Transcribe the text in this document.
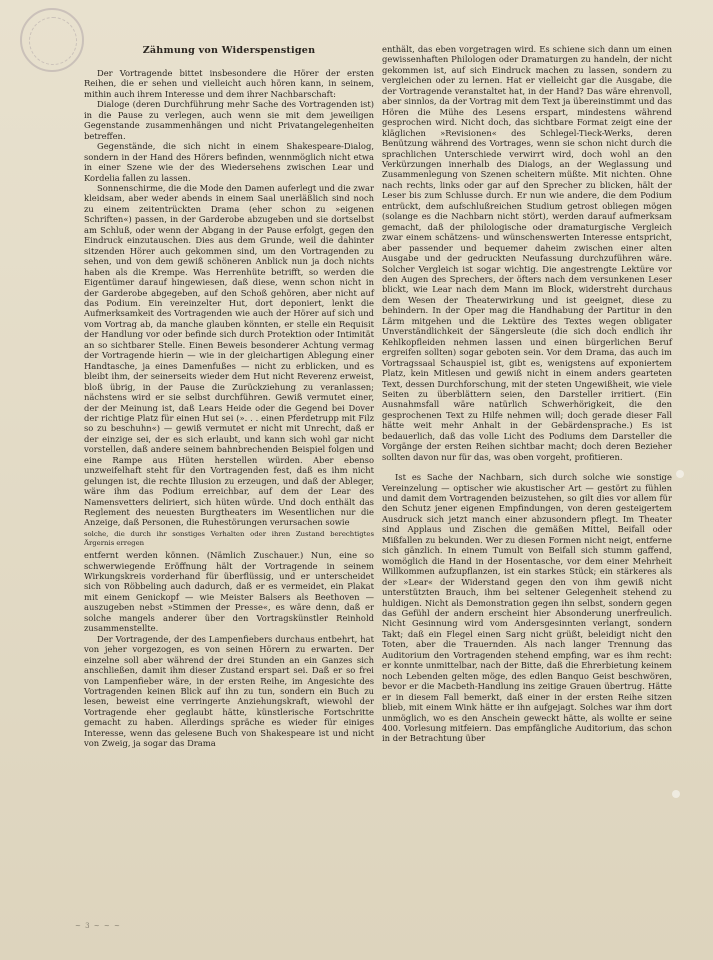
Zähmung von Widerspenstigen

Der Vortragende bittet insbesondere die Hörer der ersten Reihen, die er sehen und vielleicht auch hören kann, in seinem, mithin auch ihrem Interesse und dem ihrer Nachbarschaft:

Dialoge (deren Durchführung mehr Sache des Vortragenden ist) in die Pause zu verlegen, auch wenn sie mit dem jeweiligen Gegenstande zusammenhängen und nicht Privatangelegenheiten betreffen.

Gegenstände, die sich nicht in einem Shakespeare-Dialog, sondern in der Hand des Hörers befinden, wennmöglich nicht etwa in einer Szene wie der des Wiedersehens zwischen Lear und Kordelia fallen zu lassen.

Sonnenschirme, die die Mode den Damen auferlegt und die zwar kleidsam, aber weder abends in einem Saal unerläßlich sind noch zu einem zeitentrückten Drama (eher schon zu »eigenen Schriften«) passen, in der Garderobe abzugeben und sie dortselbst am Schluß, oder wenn der Abgang in der Pause erfolgt, gegen den Eindruck einzutauschen. Dies aus dem Grunde, weil die dahinter sitzenden Hörer auch gekommen sind, um den Vortragenden zu sehen, und von dem gewiß schöneren Anblick nun ja doch nichts haben als die Krempe. Was Herrenhüte betrifft, so werden die Eigentümer darauf hingewiesen, daß diese, wenn schon nicht in der Garderobe abgegeben, auf den Schoß gehören, aber nicht auf das Podium. Ein vereinzelter Hut, dort deponiert, lenkt die Aufmerksamkeit des Vortragenden wie auch der Hörer auf sich und vom Vortrag ab, da manche glauben könnten, er stelle ein Requisit der Handlung vor oder befinde sich durch Protektion oder Intimität an so sichtbarer Stelle. Einen Beweis besonderer Achtung vermag der Vortragende hierin — wie in der gleichartigen Ablegung einer Handtasche, ja eines Damenfußes — nicht zu erblicken, und es bleibt ihm, der seinerseits wieder dem Hut nicht Reverenz erweist, bloß übrig, in der Pause die Zurückziehung zu veranlassen; nächstens wird er sie selbst durchführen. Gewiß vermutet einer, der der Meinung ist, daß Lears Heide oder die Gegend bei Dover der richtige Platz für einen Hut sei (». . . einen Pferdetrupp mit Filz so zu beschuhn«) — gewiß vermutet er nicht mit Unrecht, daß er der einzige sei, der es sich erlaubt, und kann sich wohl gar nicht vorstellen, daß andere seinem bahnbrechenden Beispiel folgen und eine Rampe aus Hüten herstellen würden. Aber ebenso unzweifelhaft steht für den Vortragenden fest, daß es ihm nicht gelungen ist, die rechte Illusion zu erzeugen, und daß der Ableger, wäre ihm das Podium erreichbar, auf dem der Lear des Namensvetters deliriert, sich hüten würde. Und doch enthält das Reglement des neuesten Burgtheaters im Wesentlichen nur die Anzeige, daß Personen, die Ruhestörungen verursachen sowie

solche, die durch ihr sonstiges Verhalten oder ihren Zustand berechtigtes Ärgernis erregen

entfernt werden können. (Nämlich Zuschauer.) Nun, eine so schwerwiegende Eröffnung hält der Vortragende in seinem Wirkungskreis vorderhand für überflüssig, und er unterscheidet sich von Röbbeling auch dadurch, daß er es vermeidet, ein Plakat mit einem Genickopf — wie Meister Balsers als Beethoven — auszugeben nebst »Stimmen der Presse«, es wäre denn, daß er solche mangels anderer über den Vortragskünstler Reinhold zusammenstellte.

Der Vortragende, der des Lampenfiebers durchaus entbehrt, hat von jeher vorgezogen, es von seinen Hörern zu erwarten. Der einzelne soll aber während der drei Stunden an ein Ganzes sich anschließen, damit ihm dieser Zustand erspart sei. Daß er so frei von Lampenfieber wäre, in der ersten Reihe, im Angesichte des Vortragenden keinen Blick auf ihn zu tun, sondern ein Buch zu lesen, beweist eine verringerte Anziehungskraft, wiewohl der Vortragende eher geglaubt hätte, künstlerische Fortschritte gemacht zu haben. Allerdings spräche es wieder für einiges Interesse, wenn das gelesene Buch von Shakespeare ist und nicht von Zweig, ja sogar das Drama

enthält, das eben vorgetragen wird. Es schiene sich dann um einen gewissenhaften Philologen oder Dramaturgen zu handeln, der nicht gekommen ist, auf sich Eindruck machen zu lassen, sondern zu vergleichen oder zu lernen. Hat er vielleicht gar die Ausgabe, die der Vortragende veranstaltet hat, in der Hand? Das wäre ehrenvoll, aber sinnlos, da der Vortrag mit dem Text ja übereinstimmt und das Hören die Mühe des Lesens erspart, mindestens während gesprochen wird. Nicht doch, das sichtbare Format zeigt eine der kläglichen »Revisionen« des Schlegel-Tieck-Werks, deren Benützung während des Vortrages, wenn sie schon nicht durch die sprachlichen Unterschiede verwirrt wird, doch wohl an den Verkürzungen innerhalb des Dialogs, an der Weglassung und Zusammenlegung von Szenen scheitern müßte. Mit nichten. Ohne nach rechts, links oder gar auf den Sprecher zu blicken, hält der Leser bis zum Schlusse durch. Er nun wie andere, die dem Podium entrückt, dem aufschlußreichen Studium getrost obliegen mögen (solange es die Nachbarn nicht stört), werden darauf aufmerksam gemacht, daß der philologische oder dramaturgische Vergleich zwar einem schätzens- und wünschenswerten Interesse entspricht, aber passender und bequemer daheim zwischen einer alten Ausgabe und der gedruckten Neufassung durchzuführen wäre. Solcher Vergleich ist sogar wichtig. Die angestrengte Lektüre vor den Augen des Sprechers, der öfters nach dem versunkenen Leser blickt, wie Lear nach dem Mann im Block, widerstreht durchaus dem Wesen der Theaterwirkung und ist geeignet, diese zu behindern. In der Oper mag die Handhabung der Partitur in den Lärm mitgehen und die Lektüre des Textes wegen obligater Unverständlichkeit der Sängersleute (die sich doch endlich ihr Kehlkopfleiden nehmen lassen und einen bürgerlichen Beruf ergreifen sollten) sogar geboten sein. Vor dem Drama, das auch im Vortragssaal Schauspiel ist, gibt es, wenigstens auf exponiertem Platz, kein Mitlesen und gewiß nicht in einem anders gearteten Text, dessen Durchforschung, mit der steten Ungewißheit, wie viele Seiten zu überblättern seien, den Darsteller irritiert. (Ein Ausnahmsfall wäre natürlich Schwerhörigkeit, die den gesprochenen Text zu Hilfe nehmen will; doch gerade dieser Fall hätte weit mehr Anhalt in der Gebärdensprache.) Es ist bedauerlich, daß das volle Licht des Podiums dem Darsteller die Vorgänge der ersten Reihen sichtbar macht; doch deren Bezieher sollten davon nur für das, was oben vorgeht, profitieren.

Ist es Sache der Nachbarn, sich durch solche wie sonstige Vereinzelung — optischer wie akustischer Art — gestört zu fühlen und damit dem Vortragenden beizustehen, so gilt dies vor allem für den Schutz jener eigenen Empfindungen, von deren gesteigertem Ausdruck sich jetzt manch einer abzusondern pflegt. Im Theater sind Applaus und Zischen die gemäßen Mittel, Beifall oder Mißfallen zu bekunden. Wer zu diesen Formen nicht neigt, entferne sich gänzlich. In einem Tumult von Beifall sich stumm gaffend, womöglich die Hand in der Hosentasche, vor dem einer Mehrheit Willkommen aufzupflanzen, ist ein starkes Stück; ein stärkeres als der »Lear« der Widerstand gegen den von ihm gewiß nicht unterstützten Brauch, ihm bei seltener Gelegenheit stehend zu huldigen. Nicht als Demonstration gegen ihn selbst, sondern gegen das Gefühl der andern erscheint hier Absonderung unerfreulich. Nicht Gesinnung wird vom Andersgesinnten verlangt, sondern Takt; daß ein Flegel einen Sarg nicht grüßt, beleidigt nicht den Toten, aber die Trauernden. Als nach langer Trennung das Auditorium den Vortragenden stehend empfing, war es ihm recht: er konnte unmittelbar, nach der Bitte, daß die Ehrerbietung keinem noch Lebenden gelten möge, des edlen Banquo Geist beschwören, bevor er die Macbeth-Handlung ins zeitige Grauen übertrug. Hätte er in diesem Fall bemerkt, daß einer in der ersten Reihe sitzen blieb, mit einem Wink hätte er ihn aufgejagt. Solches war ihm dort unmöglich, wo es den Anschein geweckt hätte, als wollte er seine 400. Vorlesung mitfeiern. Das empfängliche Auditorium, das schon in der Betrachtung über

~ 3 ~ ~ ~
